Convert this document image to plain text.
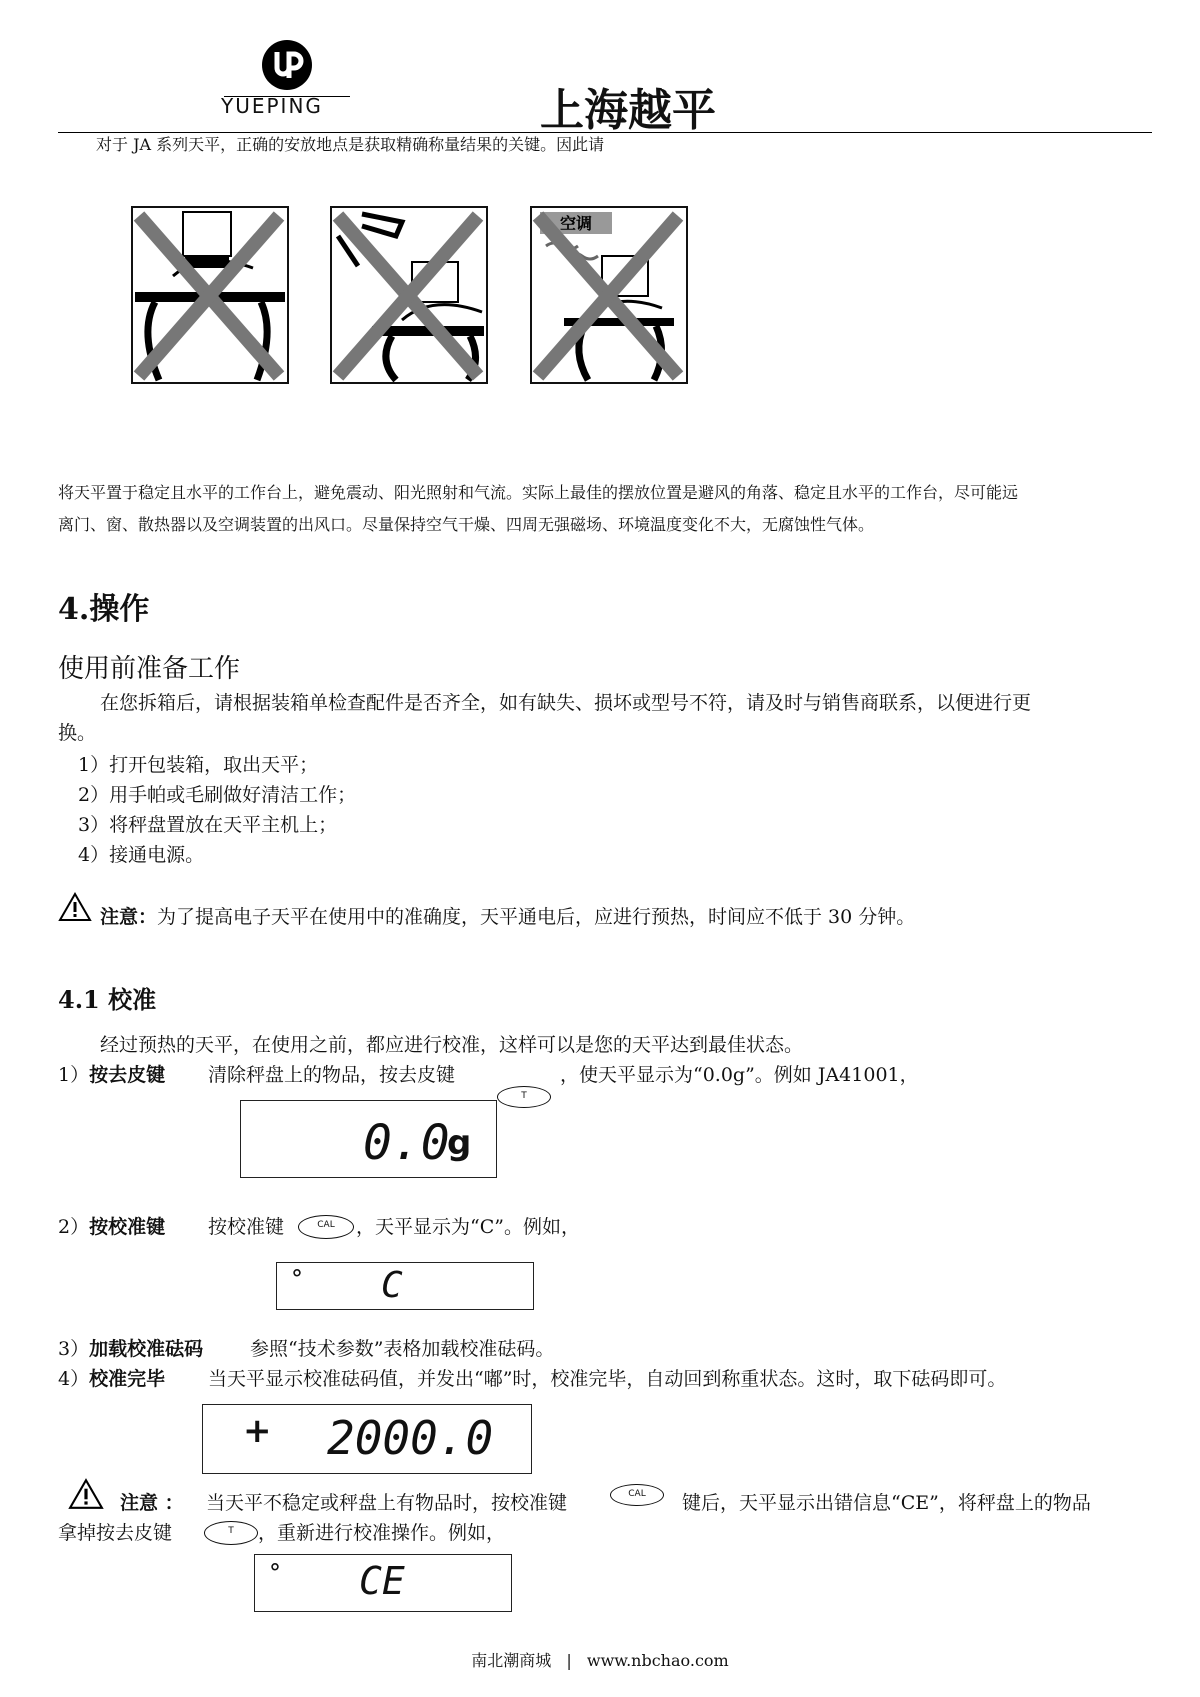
YUEPING	上海越平
对于 JA 系列天平，正确的安放地点是获取精确称量结果的关键。因此请
空调
将天平置于稳定且水平的工作台上，避免震动、阳光照射和气流。实际上最佳的摆放位置是避风的角落、稳定且水平的工作台，尽可能远
离门、窗、散热器以及空调装置的出风口。尽量保持空气干燥、四周无强磁场、环境温度变化不大，无腐蚀性气体。
4.操作
使用前准备工作
在您拆箱后，请根据装箱单检查配件是否齐全，如有缺失、损坏或型号不符，请及时与销售商联系，以便进行更
换。
1）打开包装箱，取出天平；
2）用手帕或毛刷做好清洁工作；
3）将秤盘置放在天平主机上；
4）接通电源。
注意：为了提高电子天平在使用中的准确度，天平通电后，应进行预热，时间应不低于 30 分钟。
4.1 校准
经过预热的天平，在使用之前，都应进行校准，这样可以是您的天平达到最佳状态。
1）按去皮键 清除秤盘上的物品，按去皮键	，使天平显示为“0.0g”。例如 JA41001，
T
0.0
g
2）按校准键 按校准键	CAL	，天平显示为“C”。例如，
° C
3）加载校准砝码 参照“技术参数”表格加载校准砝码。
4）校准完毕 当天平显示校准砝码值，并发出“嘟”时，校准完毕，自动回到称重状态。这时，取下砝码即可。
+ 2000.0
注意 ： 当天平不稳定或秤盘上有物品时，按校准键	CAL	键后，天平显示出错信息“CE”，将秤盘上的物品
拿掉按去皮键	T	，重新进行校准操作。例如，
° CE
南北潮商城 | www.nbchao.com
